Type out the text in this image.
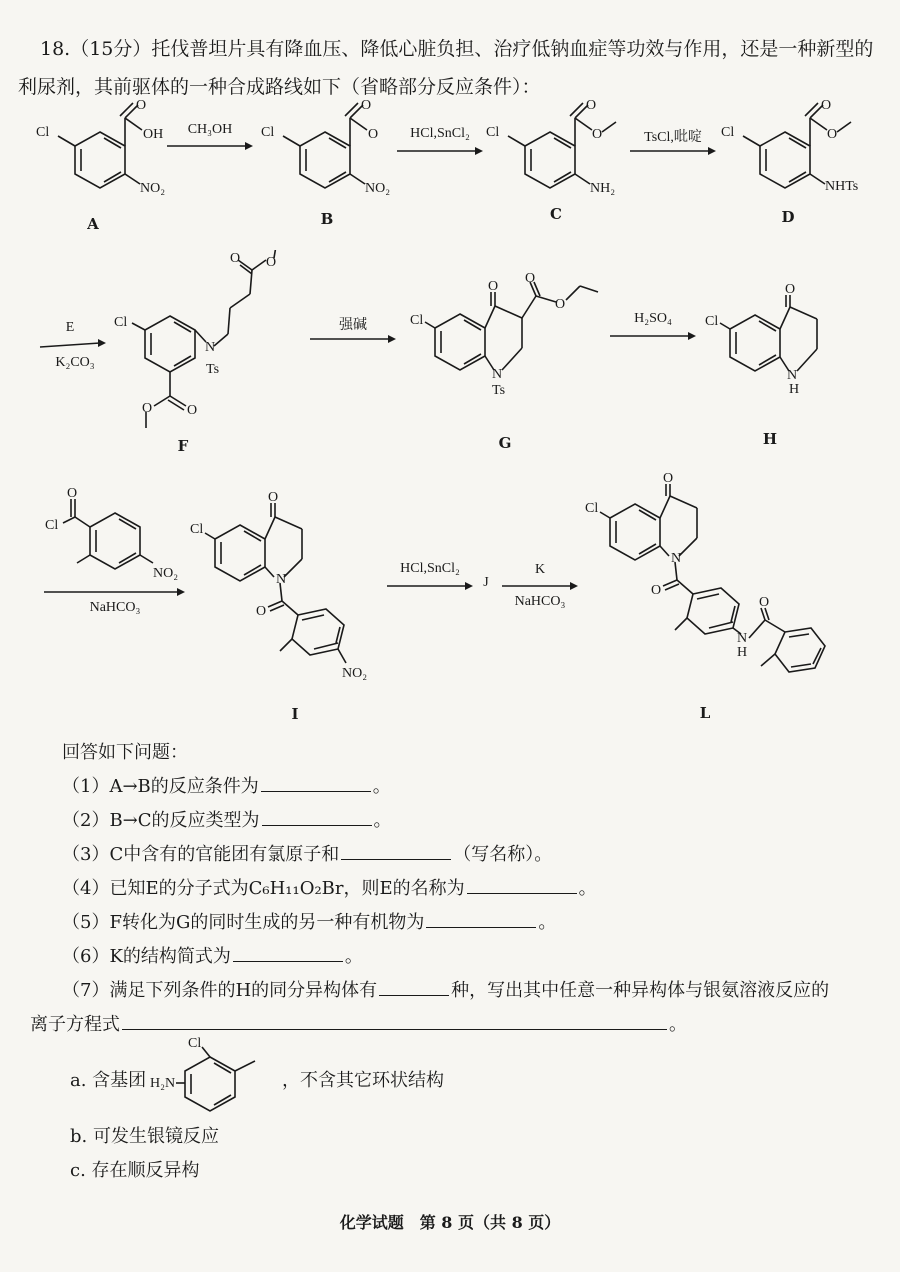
18.（15分）托伐普坦片具有降血压、降低心脏负担、治疗低钠血症等功效与作用，还是一种新型的
利尿剂，其前驱体的一种合成路线如下（省略部分反应条件）：
Cl
O
OH
NO₂
A
CH₃OH	Cl
O
O
NO₂
B
HCl,SnCl₂	Cl
O
O
NH₂
C
TsCl,吡啶	Cl
O
O
NHTs
D
E
K₂CO₃
Cl
N
Ts
O O
O
O
F
强碱	Cl
O
O
O
N
Ts
G
H₂SO₄	Cl
O
N
H
H
O
Cl
NO₂
NaHCO₃
Cl
O
N
O
NO₂
I
HCl,SnCl₂
J
K
NaHCO₃
Cl
O
N
O
N
H
O
L
回答如下问题：
（1）A→B的反应条件为	。
（2）B→C的反应类型为	。
（3）C中含有的官能团有氯原子和	（写名称）。
（4）已知E的分子式为C₆H₁₁O₂Br，则E的名称为	。
（5）F转化为G的同时生成的另一种有机物为	。
（6）K的结构简式为	。
（7）满足下列条件的H的同分异构体有	种，写出其中任意一种异构体与银氨溶液反应的
离子方程式	。
a. 含基团
Cl
H₂N	，不含其它环状结构
b. 可发生银镜反应
c. 存在顺反异构
化学试题　第 8 页（共 8 页）
